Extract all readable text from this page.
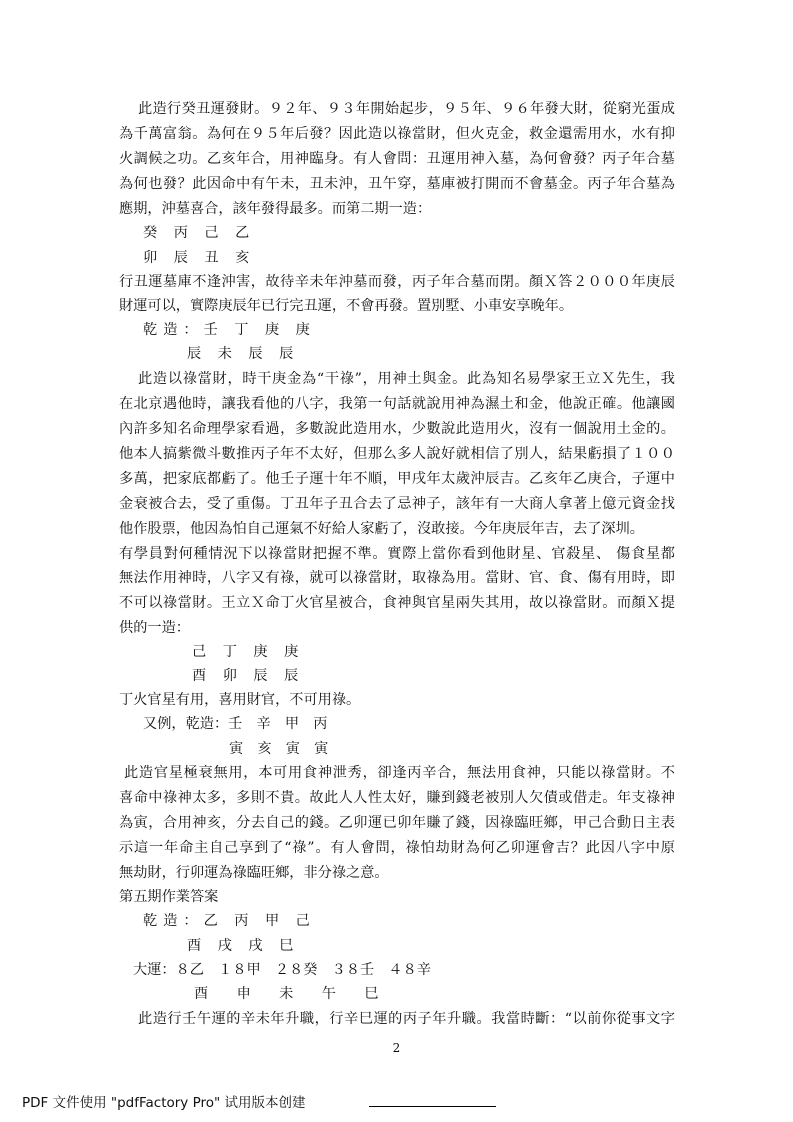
此造行癸丑運發財。９２年、９３年開始起步，９５年、９６年發大財，從窮光蛋成
為千萬富翁。為何在９５年后發？因此造以祿當財，但火克金，救金還需用水，水有抑
火調候之功。乙亥年合，用神臨身。有人會問：丑運用神入墓，為何會發？丙子年合墓
為何也發？此因命中有午未，丑未沖，丑午穿，墓庫被打開而不會墓金。丙子年合墓為
應期，沖墓喜合，該年發得最多。而第二期一造：
癸 丙 己 乙
卯 辰 丑 亥
行丑運墓庫不逢沖害，故待辛未年沖墓而發，丙子年合墓而閉。顏Ｘ答２０００年庚辰
財運可以，實際庚辰年已行完丑運，不會再發。置別墅、小車安享晚年。
乾造：壬 丁 庚 庚
辰 未 辰 辰
此造以祿當財，時干庚金為“干祿”，用神土與金。此為知名易學家王立Ｘ先生，我
在北京遇他時，讓我看他的八字，我第一句話就說用神為濕土和金，他說正確。他讓國
內許多知名命理學家看過，多數說此造用水，少數說此造用火，沒有一個說用土金的。
他本人搞紫微斗數推丙子年不太好，但那么多人說好就相信了別人，結果虧損了１００
多萬，把家底都虧了。他壬子運十年不順，甲戌年太歲沖辰吉。乙亥年乙庚合，子運中
金衰被合去，受了重傷。丁丑年子丑合去了忌神子，該年有一大商人拿著上億元資金找
他作股票，他因為怕自己運氣不好給人家虧了，沒敢接。今年庚辰年吉，去了深圳。
有學員對何種情況下以祿當財把握不準。實際上當你看到他財星、官殺星、 傷食星都
無法作用神時，八字又有祿，就可以祿當財，取祿為用。當財、官、食、傷有用時，即
不可以祿當財。王立Ｘ命丁火官星被合，食神與官星兩失其用，故以祿當財。而顏Ｘ提
供的一造：
己 丁 庚 庚
酉 卯 辰 辰
丁火官星有用，喜用財官，不可用祿。
又例，乾造：壬　辛　甲　丙
寅　亥　寅　寅
此造官星極衰無用，本可用食神泄秀，卻逢丙辛合，無法用食神，只能以祿當財。不
喜命中祿神太多，多則不貴。故此人人性太好，賺到錢老被別人欠債或借走。年支祿神
為寅，合用神亥，分去自己的錢。乙卯運已卯年賺了錢，因祿臨旺鄉，甲己合動日主表
示這一年命主自己享到了“祿”。有人會問，祿怕劫財為何乙卯運會吉？此因八字中原
無劫財，行卯運為祿臨旺鄉，非分祿之意。
第五期作業答案
乾造：乙 丙 甲 己
酉 戌 戌 巳
大運：８乙　１８甲　２８癸　３８壬　４８辛
酉　　申　　未　　午　　巳
此造行壬午運的辛未年升職，行辛巳運的丙子年升職。我當時斷：“以前你從事文字
2
PDF 文件使用 "pdfFactory Pro" 试用版本创建
